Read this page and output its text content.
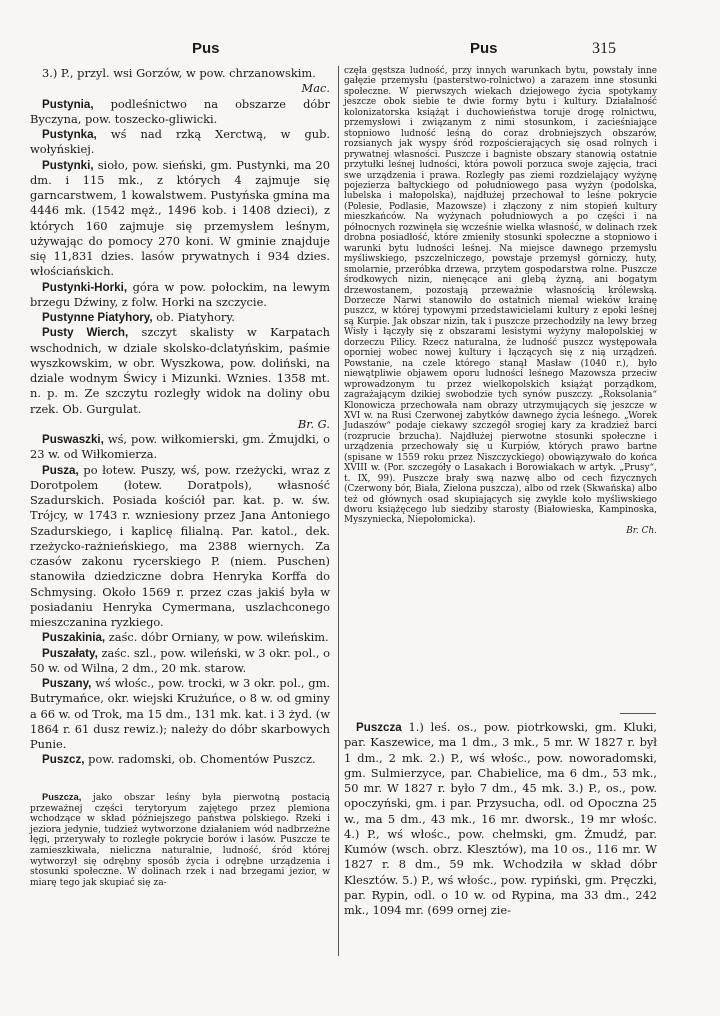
Pus	Pus	315

3.) P., przyl. wsi Gorzów, w pow. chrzanowskim.
Mac.

Pustynia, podleśnictwo na obszarze dóbr Byczyna, pow. toszecko-gliwicki.

Pustynka, wś nad rzką Xerctwą, w gub. wołyńskiej.

Pustynki, sioło, pow. sieński, gm. Pustynki, ma 20 dm. i 115 mk., z których 4 zajmuje się garncarstwem, 1 kowalstwem. Pustyńska gmina ma 4446 mk. (1542 męż., 1496 kob. i 1408 dzieci), z których 160 zajmuje się przemysłem leśnym, używając do pomocy 270 koni. W gminie znajduje się 11,831 dzies. lasów prywatnych i 934 dzies. włościańskich.

Pustynki-Horki, góra w pow. połockim, na lewym brzegu Dźwiny, z folw. Horki na szczycie.

Pustynne Piatyhory, ob. Piatyhory.

Pusty Wierch, szczyt skalisty w Karpatach wschodnich, w dziale skolsko-dclatyńskim, paśmie wyszkowskim, w obr. Wyszkowa, pow. doliński, na dziale wodnym Świcy i Mizunki. Wznies. 1358 mt. n. p. m. Ze szczytu rozległy widok na doliny obu rzek. Ob. Gurgulat.
Br. G.

Puswaszki, wś, pow. wiłkomierski, gm. Żmujdki, o 23 w. od Wiłkomierza.

Pusza, po łotew. Puszy, wś, pow. rzeżycki, wraz z Dorotpolem (łotew. Doratpols), własność Szadurskich. Posiada kościół par. kat. p. w. św. Trójcy, w 1743 r. wzniesiony przez Jana Antoniego Szadurskiego, i kaplicę filialną. Par. katol., dek. rzeżycko-rażnieńskiego, ma 2388 wiernych. Za czasów zakonu rycerskiego P. (niem. Puschen) stanowiła dziedziczne dobra Henryka Korffa do Schmysing. Około 1569 r. przez czas jakiś była w posiadaniu Henryka Cymermana, uszlachconego mieszczanina ryzkiego.

Puszakinia, zaśc. dóbr Orniany, w pow. wileńskim.

Puszałaty, zaśc. szl., pow. wileński, w 3 okr. pol., o 50 w. od Wilna, 2 dm., 20 mk. starow.

Puszany, wś włośc., pow. trocki, w 3 okr. pol., gm. Butrymańce, okr. wiejski Krużuńce, o 8 w. od gminy a 66 w. od Trok, ma 15 dm., 131 mk. kat. i 3 żyd. (w 1864 r. 61 dusz rewiz.); należy do dóbr skarbowych Punie.

Puszcz, pow. radomski, ob. Chomentów Puszcz.

Puszcza, jako obszar leśny była pierwotną postacią przeważnej części terytoryum zajętego przez plemiona wchodzące w skład późniejszego państwa polskiego. Rzeki i jeziora jedynie, tudzież wytworzone działaniem wód nadbrzeżne łęgi, przerywały to rozległe pokrycie borów i lasów. Puszcze te zamieszkiwała, nieliczna naturalnie, ludność, śród której wytworzył się odrębny sposób życia i odrębne urządzenia i stosunki społeczne. W dolinach rzek i nad brzegami jezior, w miarę tego jak skupiać się za-

częła gęstsza ludność, przy innych warunkach bytu, powstały inne gałęzie przemysłu (pasterstwo-rolnictwo) a zarazem inne stosunki społeczne. W pierwszych wiekach dziejowego życia spotykamy jeszcze obok siebie te dwie formy bytu i kultury. Działalność kolonizatorska książąt i duchowieństwa toruje drogę rolnictwu, przemysłowi i związanym z nimi stosunkom, i zacieśniające stopniowo ludność leśną do coraz drobniejszych obszarów, rozsianych jak wyspy śród rozpościerających się osad rolnych i prywatnej własności. Puszcze i bagniste obszary stanowią ostatnie przytułki leśnej ludności, która powoli porzuca swoje zajęcia, traci swe urządzenia i prawa. Rozległy pas ziemi rozdzielający wyżynę pojezierza bałtyckiego od południowego pasa wyżyn (podolska, lubelska i małopolska), najdłużej przechował to leśne pokrycie (Polesie, Podlasie, Mazowsze) i złączony z nim stopień kultury mieszkańców. Na wyżynach południowych a po części i na północnych rozwinęła się wcześnie wielka własność, w dolinach rzek drobna posiadłość, które zmieniły stosunki społeczne a stopniowo i warunki bytu ludności leśnej. Na miejsce dawnego przemysłu myśliwskiego, pszczelniczego, powstaje przemysł górniczy, huty, smolarnie, przeróbka drzewa, przytem gospodarstwa rolne. Puszcze środkowych nizin, nienęcące ani glebą żyzną, ani bogatym drzewostanem, pozostają przeważnie własnością królewską. Dorzecze Narwi stanowiło do ostatnich niemal wieków krainę puszcz, w której typowymi przedstawicielami kultury z epoki leśnej są Kurpie. Jak obszar nizin, tak i puszcze przechodziły na lewy brzeg Wisły i łączyły się z obszarami lesistymi wyżyny małopolskiej w dorzeczu Pilicy. Rzecz naturalna, że ludność puszcz występowała oporniej wobec nowej kultury i łączących się z nią urządzeń. Powstanie, na czele którego stanął Masław (1040 r.), było niewątpliwie objawem oporu ludności leśnego Mazowsza przeciw wprowadzonym tu przez wielkopolskich książąt porządkom, zagrażającym dzikiej swobodzie tych synów puszczy. „Roksolania“ Klonowicza przechowała nam obrazy utrzymujących się jeszcze w XVI w. na Rusi Czerwonej zabytków dawnego życia leśnego. „Worek Judaszów“ podaje ciekawy szczegół srogiej kary za kradzież barci (rozprucie brzucha). Najdłużej pierwotne stosunki społeczne i urządzenia przechowały się u Kurpiów, których prawo bartne (spisane w 1559 roku przez Niszczyckiego) obowiązywało do końca XVIII w. (Por. szczegóły o Lasakach i Borowiakach w artyk. „Prusy“, t. IX, 99). Puszcze brały swą nazwę albo od cech fizycznych (Czerwony bór, Biała, Zielona puszcza), albo od rzek (Skwańska) albo też od głównych osad skupiających się zwykle koło myśliwskiego dworu książęcego lub siedziby starosty (Białowieska, Kampinoska, Myszyniecka, Niepołomicka).

Br. Ch.

Puszcza 1.) leś. os., pow. piotrkowski, gm. Kluki, par. Kaszewice, ma 1 dm., 3 mk., 5 mr. W 1827 r. był 1 dm., 2 mk. 2.) P., wś włośc., pow. noworadomski, gm. Sulmierzyce, par. Chabielice, ma 6 dm., 53 mk., 50 mr. W 1827 r. było 7 dm., 45 mk. 3.) P., os., pow. opoczyński, gm. i par. Przysucha, odl. od Opoczna 25 w., ma 5 dm., 43 mk., 16 mr. dworsk., 19 mr włośc. 4.) P., wś włośc., pow. chełmski, gm. Żmudź, par. Kumów (wsch. obrz. Klesztów), ma 10 os., 116 mr. W 1827 r. 8 dm., 59 mk. Wchodziła w skład dóbr Klesztów. 5.) P., wś włośc., pow. rypiński, gm. Pręczki, par. Rypin, odl. o 10 w. od Rypina, ma 33 dm., 242 mk., 1094 mr. (699 ornej zie-
